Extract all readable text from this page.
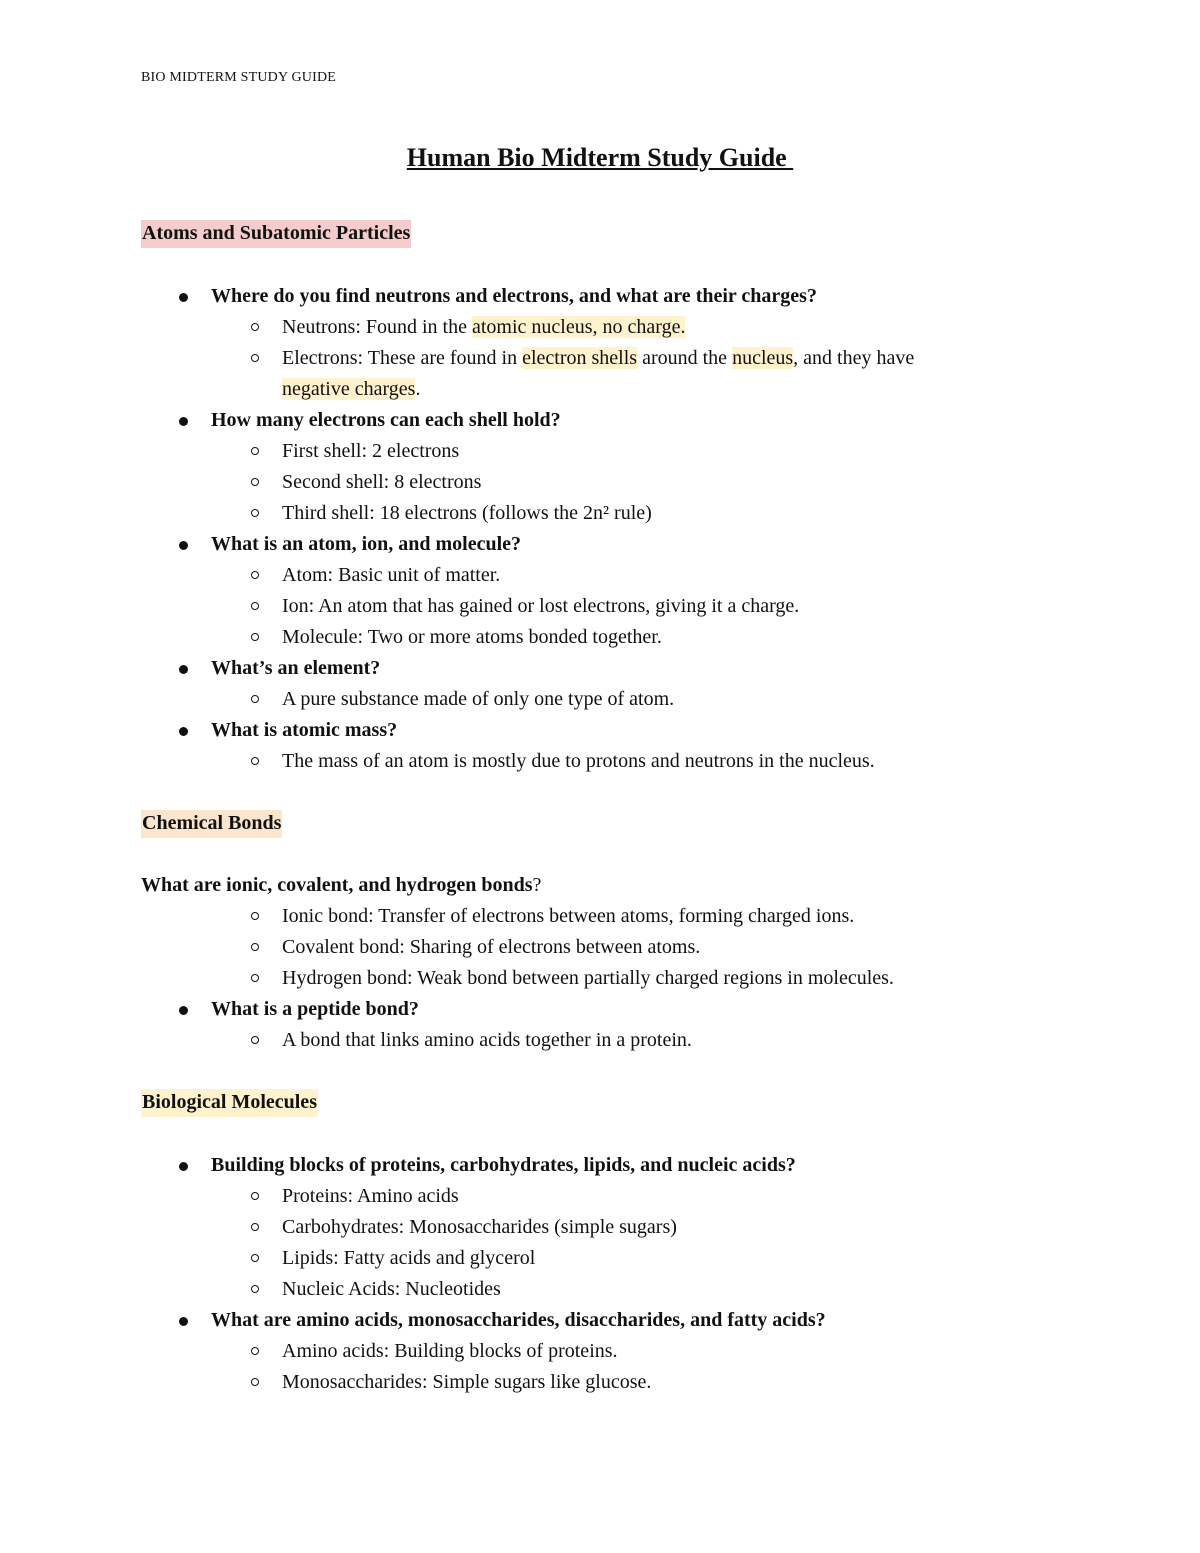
BIO MIDTERM STUDY GUIDE
Human Bio Midterm Study Guide
Atoms and Subatomic Particles
Where do you find neutrons and electrons, and what are their charges?
Neutrons: Found in the atomic nucleus, no charge.
Electrons: These are found in electron shells around the nucleus, and they have
negative charges.
How many electrons can each shell hold?
First shell: 2 electrons
Second shell: 8 electrons
Third shell: 18 electrons (follows the 2n² rule)
What is an atom, ion, and molecule?
Atom: Basic unit of matter.
Ion: An atom that has gained or lost electrons, giving it a charge.
Molecule: Two or more atoms bonded together.
What’s an element?
A pure substance made of only one type of atom.
What is atomic mass?
The mass of an atom is mostly due to protons and neutrons in the nucleus.
Chemical Bonds
What are ionic, covalent, and hydrogen bonds?
Ionic bond: Transfer of electrons between atoms, forming charged ions.
Covalent bond: Sharing of electrons between atoms.
Hydrogen bond: Weak bond between partially charged regions in molecules.
What is a peptide bond?
A bond that links amino acids together in a protein.
Biological Molecules
Building blocks of proteins, carbohydrates, lipids, and nucleic acids?
Proteins: Amino acids
Carbohydrates: Monosaccharides (simple sugars)
Lipids: Fatty acids and glycerol
Nucleic Acids: Nucleotides
What are amino acids, monosaccharides, disaccharides, and fatty acids?
Amino acids: Building blocks of proteins.
Monosaccharides: Simple sugars like glucose.
